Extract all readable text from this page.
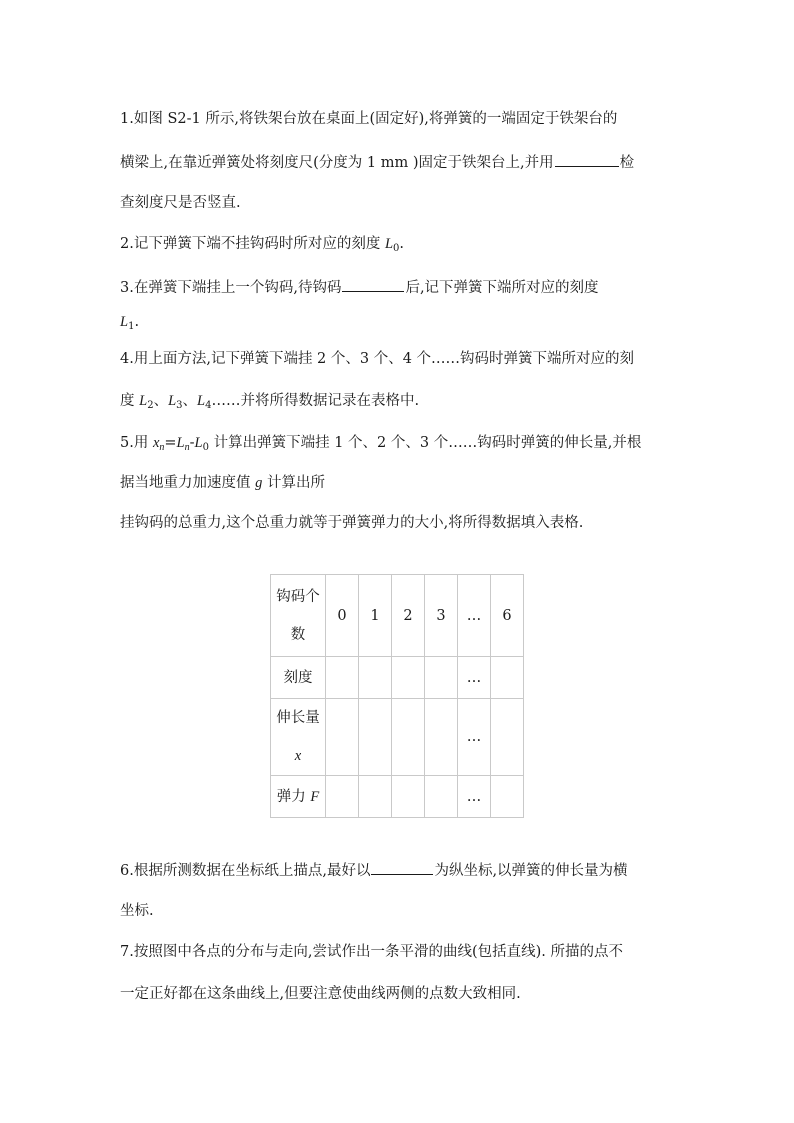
1.如图 S2-1 所示,将铁架台放在桌面上(固定好),将弹簧的一端固定于铁架台的
横梁上,在靠近弹簧处将刻度尺(分度为 1 mm )固定于铁架台上,并用	检
查刻度尺是否竖直.
2.记下弹簧下端不挂钩码时所对应的刻度 $L_0$.
3.在弹簧下端挂上一个钩码,待钩码	后,记下弹簧下端所对应的刻度
$L_1$.
4.用上面方法,记下弹簧下端挂 2 个、3 个、4 个……钩码时弹簧下端所对应的刻
度 $L_2$、$L_3$、$L_4\dots\dots$并将所得数据记录在表格中.
5.用 $x_n=L_n-L_0$ 计算出弹簧下端挂 1 个、2 个、3 个……钩码时弹簧的伸长量,并根
据当地重力加速度值 g 计算出所
挂钩码的总重力,这个总重力就等于弹簧弹力的大小,将所得数据填入表格.
钩码个
数	0	1	2	3	…	6
刻度					…	

伸长量
x					…	
弹力 F					…	
6.根据所测数据在坐标纸上描点,最好以	为纵坐标,以弹簧的伸长量为横
坐标.
7.按照图中各点的分布与走向,尝试作出一条平滑的曲线(包括直线). 所描的点不
一定正好都在这条曲线上,但要注意使曲线两侧的点数大致相同.
